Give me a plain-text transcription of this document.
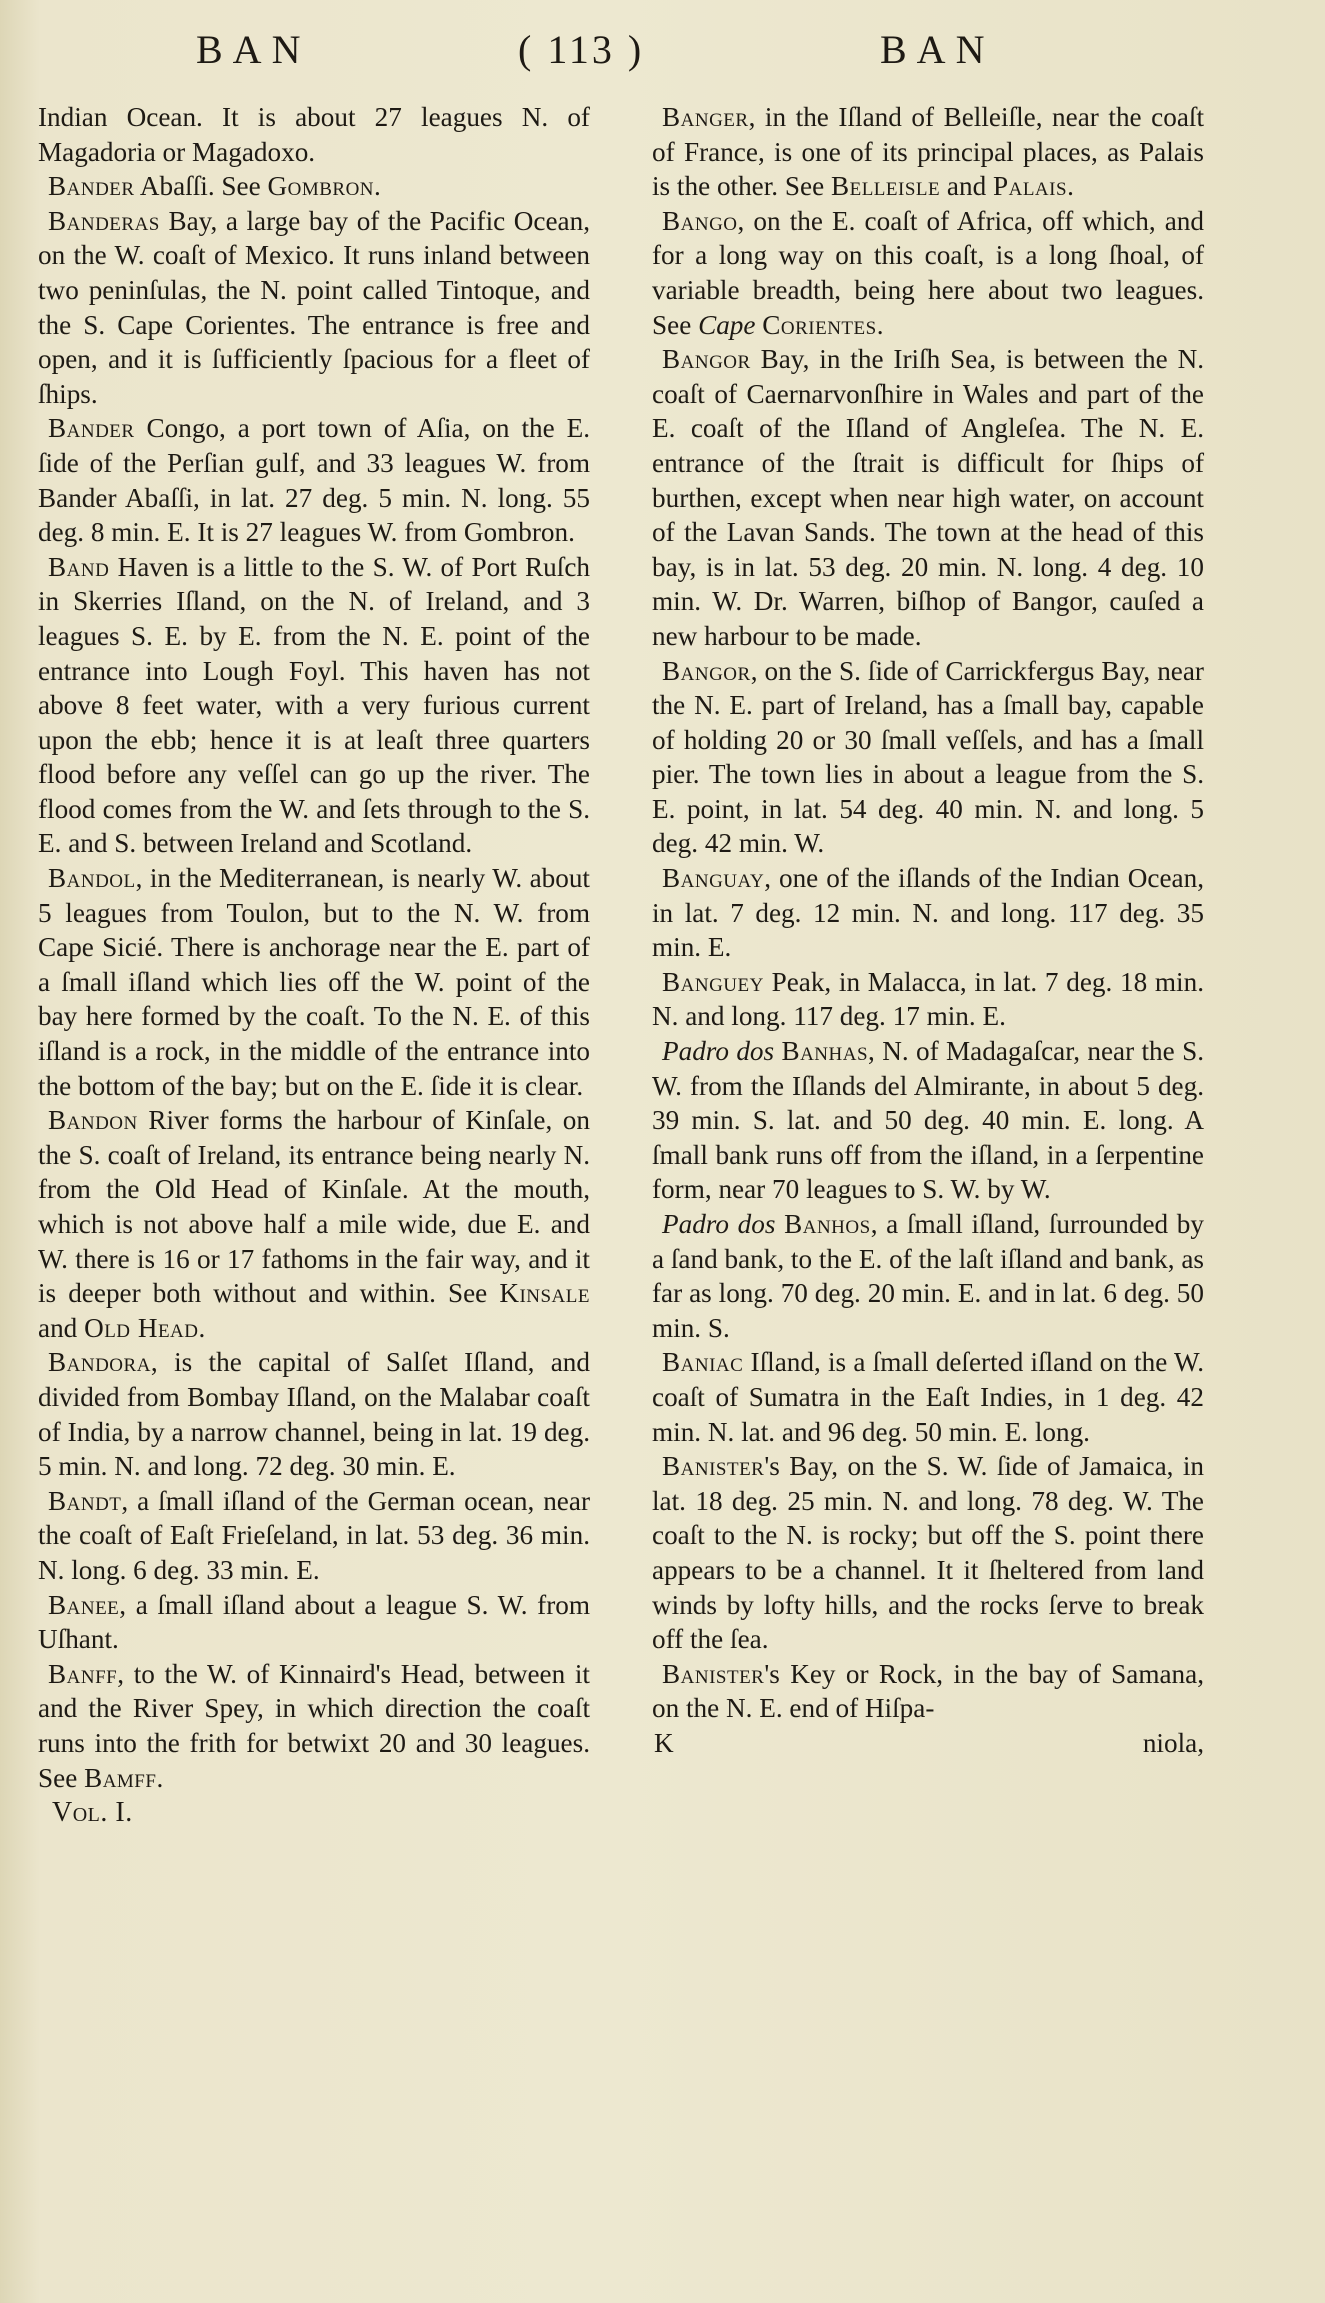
BAN	( 113 )	BAN

Indian Ocean. It is about 27 leagues N. of Magadoria or Magadoxo.

Bander Abaſſi. See Gombron.

Banderas Bay, a large bay of the Pacific Ocean, on the W. coaſt of Mexico. It runs inland between two peninſulas, the N. point called Tintoque, and the S. Cape Corientes. The entrance is free and open, and it is ſufficiently ſpacious for a fleet of ſhips.

Bander Congo, a port town of Aſia, on the E. ſide of the Perſian gulf, and 33 leagues W. from Bander Abaſſi, in lat. 27 deg. 5 min. N. long. 55 deg. 8 min. E. It is 27 leagues W. from Gombron.

Band Haven is a little to the S. W. of Port Ruſch in Skerries Iſland, on the N. of Ireland, and 3 leagues S. E. by E. from the N. E. point of the entrance into Lough Foyl. This haven has not above 8 feet water, with a very furious current upon the ebb; hence it is at leaſt three quarters flood before any veſſel can go up the river. The flood comes from the W. and ſets through to the S. E. and S. between Ireland and Scotland.

Bandol, in the Mediterranean, is nearly W. about 5 leagues from Toulon, but to the N. W. from Cape Sicié. There is anchorage near the E. part of a ſmall iſland which lies off the W. point of the bay here formed by the coaſt. To the N. E. of this iſland is a rock, in the middle of the entrance into the bottom of the bay; but on the E. ſide it is clear.

Bandon River forms the harbour of Kinſale, on the S. coaſt of Ireland, its entrance being nearly N. from the Old Head of Kinſale. At the mouth, which is not above half a mile wide, due E. and W. there is 16 or 17 fathoms in the fair way, and it is deeper both without and within. See Kinsale and Old Head.

Bandora, is the capital of Salſet Iſland, and divided from Bombay Iſland, on the Malabar coaſt of India, by a narrow channel, being in lat. 19 deg. 5 min. N. and long. 72 deg. 30 min. E.

Bandt, a ſmall iſland of the German ocean, near the coaſt of Eaſt Frieſeland, in lat. 53 deg. 36 min. N. long. 6 deg. 33 min. E.

Banee, a ſmall iſland about a league S. W. from Uſhant.

Banff, to the W. of Kinnaird's Head, between it and the River Spey, in which direction the coaſt runs into the frith for betwixt 20 and 30 leagues. See Bamff.

Vol. I.

Banger, in the Iſland of Belleiſle, near the coaſt of France, is one of its principal places, as Palais is the other. See Belleisle and Palais.

Bango, on the E. coaſt of Africa, off which, and for a long way on this coaſt, is a long ſhoal, of variable breadth, being here about two leagues. See Cape Corientes.

Bangor Bay, in the Iriſh Sea, is between the N. coaſt of Caernarvonſhire in Wales and part of the E. coaſt of the Iſland of Angleſea. The N. E. entrance of the ſtrait is difficult for ſhips of burthen, except when near high water, on account of the Lavan Sands. The town at the head of this bay, is in lat. 53 deg. 20 min. N. long. 4 deg. 10 min. W. Dr. Warren, biſhop of Bangor, cauſed a new harbour to be made.

Bangor, on the S. ſide of Carrickfergus Bay, near the N. E. part of Ireland, has a ſmall bay, capable of holding 20 or 30 ſmall veſſels, and has a ſmall pier. The town lies in about a league from the S. E. point, in lat. 54 deg. 40 min. N. and long. 5 deg. 42 min. W.

Banguay, one of the iſlands of the Indian Ocean, in lat. 7 deg. 12 min. N. and long. 117 deg. 35 min. E.

Banguey Peak, in Malacca, in lat. 7 deg. 18 min. N. and long. 117 deg. 17 min. E.

Padro dos Banhas, N. of Madagaſcar, near the S. W. from the Iſlands del Almirante, in about 5 deg. 39 min. S. lat. and 50 deg. 40 min. E. long. A ſmall bank runs off from the iſland, in a ſerpentine form, near 70 leagues to S. W. by W.

Padro dos Banhos, a ſmall iſland, ſurrounded by a ſand bank, to the E. of the laſt iſland and bank, as far as long. 70 deg. 20 min. E. and in lat. 6 deg. 50 min. S.

Baniac Iſland, is a ſmall deſerted iſland on the W. coaſt of Sumatra in the Eaſt Indies, in 1 deg. 42 min. N. lat. and 96 deg. 50 min. E. long.

Banister's Bay, on the S. W. ſide of Jamaica, in lat. 18 deg. 25 min. N. and long. 78 deg. W. The coaſt to the N. is rocky; but off the S. point there appears to be a channel. It it ſheltered from land winds by lofty hills, and the rocks ſerve to break off the ſea.

Banister's Key or Rock, in the bay of Samana, on the N. E. end of Hiſpa-

K	niola,
